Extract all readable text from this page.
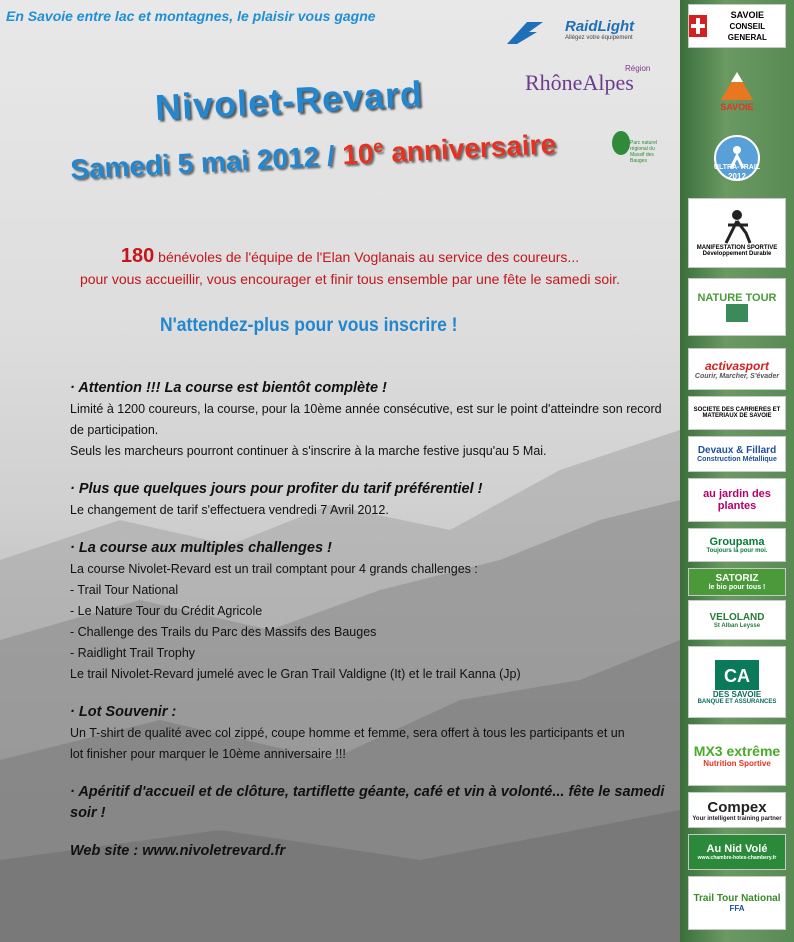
En Savoie entre lac et montagnes, le plaisir vous gagne
RaidLight
Allégez votre équipement
Région
RhôneAlpes
Parc naturel régional du Massif des Bauges
Nivolet-Revard
Samedi 5 mai 2012 / 10e anniversaire
180 bénévoles de l'équipe de l'Elan Voglanais au service des coureurs...
pour vous accueillir, vous encourager et finir tous ensemble par une fête le samedi soir.
N'attendez-plus pour vous inscrire !
· Attention !!! La course est bientôt complète !
Limité à 1200 coureurs, la course, pour la 10ème année consécutive, est sur le point d'atteindre son record de participation.
Seuls les marcheurs pourront continuer à s'inscrire à la marche festive jusqu'au 5 Mai.
· Plus que quelques jours pour profiter du tarif préférentiel !
Le changement de tarif s'effectuera vendredi 7 Avril 2012.
· La course aux multiples challenges !
La course Nivolet-Revard est un trail comptant pour 4 grands challenges :
- Trail Tour National
- Le Nature Tour du Crédit Agricole
- Challenge des Trails du Parc des Massifs des Bauges
- Raidlight Trail Trophy
Le trail Nivolet-Revard jumelé avec le Gran Trail Valdigne (It) et le trail Kanna (Jp)
· Lot Souvenir :
Un T-shirt de qualité avec col zippé, coupe homme et femme, sera offert à tous les participants et un lot finisher pour marquer le 10ème anniversaire !!!
· Apéritif d'accueil et de clôture, tartiflette géante, café et vin à volonté... fête le samedi soir !
Web site : www.nivoletrevard.fr
SAVOIE
CONSEIL GENERAL
SAVOIE
ULTRA-TRAIL
2012
MANIFESTATION SPORTIVE
Développement Durable
NATURE TOUR
activasport
Courir, Marcher, S'évader
SOCIETE DES CARRIERES ET MATERIAUX DE SAVOIE
Devaux & Fillard
Construction Métallique
au jardin des plantes
Groupama
Toujours là pour moi.
SATORIZ
le bio pour tous !
VELOLAND
St Alban Leysse
CA
DES SAVOIE
BANQUE ET ASSURANCES
MX3 extrême
Nutrition Sportive
Compex
Your intelligent training partner
Au Nid Volé
www.chambre-hotes-chambery.fr
Trail Tour National
FFA
